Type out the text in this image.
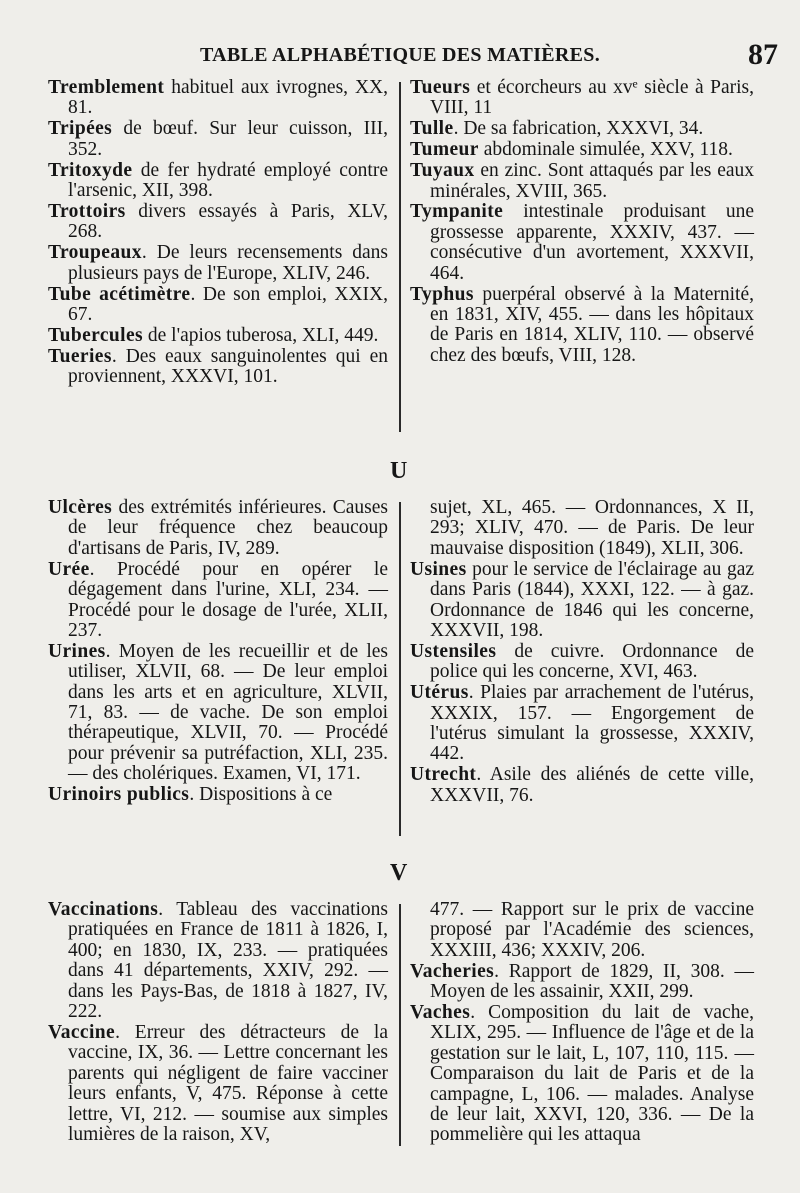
TABLE ALPHABÉTIQUE DES MATIÈRES.	87

Tremblement habituel aux ivrognes, XX, 81.

Tripées de bœuf. Sur leur cuisson, III, 352.

Tritoxyde de fer hydraté employé contre l'arsenic, XII, 398.

Trottoirs divers essayés à Paris, XLV, 268.

Troupeaux. De leurs recensements dans plusieurs pays de l'Europe, XLIV, 246.

Tube acétimètre. De son emploi, XXIX, 67.

Tubercules de l'apios tuberosa, XLI, 449.

Tueries. Des eaux sanguinolentes qui en proviennent, XXXVI, 101.

Tueurs et écorcheurs au xvᵉ siècle à Paris, VIII, 11

Tulle. De sa fabrication, XXXVI, 34.

Tumeur abdominale simulée, XXV, 118.

Tuyaux en zinc. Sont attaqués par les eaux minérales, XVIII, 365.

Tympanite intestinale produisant une grossesse apparente, XXXIV, 437. — consécutive d'un avortement, XXXVII, 464.

Typhus puerpéral observé à la Maternité, en 1831, XIV, 455. — dans les hôpitaux de Paris en 1814, XLIV, 110. — observé chez des bœufs, VIII, 128.

U

Ulcères des extrémités inférieures. Causes de leur fréquence chez beaucoup d'artisans de Paris, IV, 289.

Urée. Procédé pour en opérer le dégagement dans l'urine, XLI, 234. — Procédé pour le dosage de l'urée, XLII, 237.

Urines. Moyen de les recueillir et de les utiliser, XLVII, 68. — De leur emploi dans les arts et en agriculture, XLVII, 71, 83. — de vache. De son emploi thérapeutique, XLVII, 70. — Procédé pour prévenir sa putréfaction, XLI, 235. — des cholériques. Examen, VI, 171.

Urinoirs publics. Dispositions à ce

sujet, XL, 465. — Ordonnances, X II, 293; XLIV, 470. — de Paris. De leur mauvaise disposition (1849), XLII, 306.

Usines pour le service de l'éclairage au gaz dans Paris (1844), XXXI, 122. — à gaz. Ordonnance de 1846 qui les concerne, XXXVII, 198.

Ustensiles de cuivre. Ordonnance de police qui les concerne, XVI, 463.

Utérus. Plaies par arrachement de l'utérus, XXXIX, 157. — Engorgement de l'utérus simulant la grossesse, XXXIV, 442.

Utrecht. Asile des aliénés de cette ville, XXXVII, 76.

V

Vaccinations. Tableau des vaccinations pratiquées en France de 1811 à 1826, I, 400; en 1830, IX, 233. — pratiquées dans 41 départements, XXIV, 292. — dans les Pays-Bas, de 1818 à 1827, IV, 222.

Vaccine. Erreur des détracteurs de la vaccine, IX, 36. — Lettre concernant les parents qui négligent de faire vacciner leurs enfants, V, 475. Réponse à cette lettre, VI, 212. — soumise aux simples lumières de la raison, XV,

477. — Rapport sur le prix de vaccine proposé par l'Académie des sciences, XXXIII, 436; XXXIV, 206.

Vacheries. Rapport de 1829, II, 308. — Moyen de les assainir, XXII, 299.

Vaches. Composition du lait de vache, XLIX, 295. — Influence de l'âge et de la gestation sur le lait, L, 107, 110, 115. — Comparaison du lait de Paris et de la campagne, L, 106. — malades. Analyse de leur lait, XXVI, 120, 336. — De la pommelière qui les attaqua
